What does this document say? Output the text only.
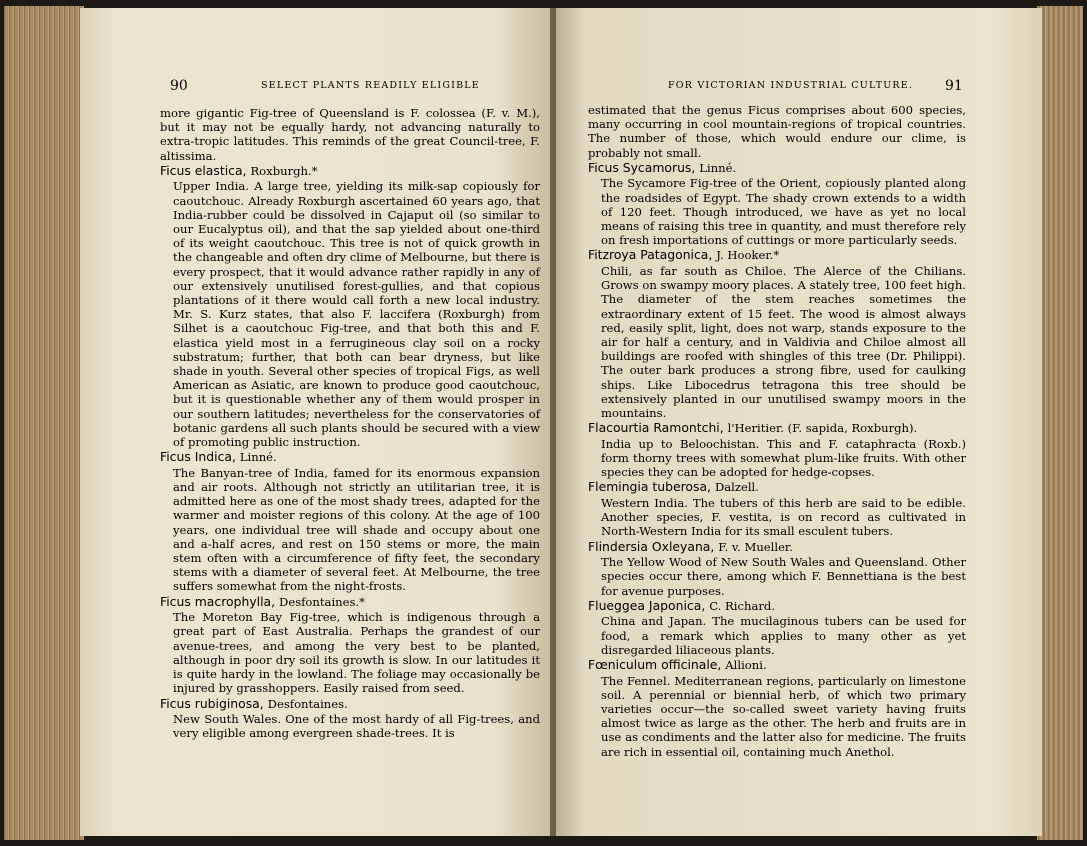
90	SELECT PLANTS READILY ELIGIBLE	FOR VICTORIAN INDUSTRIAL CULTURE. 91

more gigantic Fig-tree of Queensland is F. colossea (F. v. M.), but it may not be equally hardy, not advancing naturally to extra-tropic latitudes. This reminds of the great Council-tree, F. altissima.

Ficus elastica, Roxburgh.*

Upper India. A large tree, yielding its milk-sap copiously for caoutchouc. Already Roxburgh ascertained 60 years ago, that India-rubber could be dissolved in Cajaput oil (so similar to our Eucalyptus oil), and that the sap yielded about one-third of its weight caoutchouc. This tree is not of quick growth in the changeable and often dry clime of Melbourne, but there is every prospect, that it would advance rather rapidly in any of our extensively unutilised forest-gullies, and that copious plantations of it there would call forth a new local industry. Mr. S. Kurz states, that also F. laccifera (Roxburgh) from Silhet is a caoutchouc Fig-tree, and that both this and F. elastica yield most in a ferrugineous clay soil on a rocky substratum; further, that both can bear dryness, but like shade in youth. Several other species of tropical Figs, as well American as Asiatic, are known to produce good caoutchouc, but it is questionable whether any of them would prosper in our southern latitudes; nevertheless for the conservatories of botanic gardens all such plants should be secured with a view of promoting public instruction.

Ficus Indica, Linné.

The Banyan-tree of India, famed for its enormous expansion and air roots. Although not strictly an utilitarian tree, it is admitted here as one of the most shady trees, adapted for the warmer and moister regions of this colony. At the age of 100 years, one individual tree will shade and occupy about one and a-half acres, and rest on 150 stems or more, the main stem often with a circumference of fifty feet, the secondary stems with a diameter of several feet. At Melbourne, the tree suffers somewhat from the night-frosts.

Ficus macrophylla, Desfontaines.*

The Moreton Bay Fig-tree, which is indigenous through a great part of East Australia. Perhaps the grandest of our avenue-trees, and among the very best to be planted, although in poor dry soil its growth is slow. In our latitudes it is quite hardy in the lowland. The foliage may occasionally be injured by grasshoppers. Easily raised from seed.

Ficus rubiginosa, Desfontaines.

New South Wales. One of the most hardy of all Fig-trees, and very eligible among evergreen shade-trees. It is

estimated that the genus Ficus comprises about 600 species, many occurring in cool mountain-regions of tropical countries. The number of those, which would endure our clime, is probably not small.

Ficus Sycamorus, Linné.

The Sycamore Fig-tree of the Orient, copiously planted along the roadsides of Egypt. The shady crown extends to a width of 120 feet. Though introduced, we have as yet no local means of raising this tree in quantity, and must therefore rely on fresh importations of cuttings or more particularly seeds.

Fitzroya Patagonica, J. Hooker.*

Chili, as far south as Chiloe. The Alerce of the Chilians. Grows on swampy moory places. A stately tree, 100 feet high. The diameter of the stem reaches sometimes the extraordinary extent of 15 feet. The wood is almost always red, easily split, light, does not warp, stands exposure to the air for half a century, and in Valdivia and Chiloe almost all buildings are roofed with shingles of this tree (Dr. Philippi). The outer bark produces a strong fibre, used for caulking ships. Like Libocedrus tetragona this tree should be extensively planted in our unutilised swampy moors in the mountains.

Flacourtia Ramontchi, l'Heritier. (F. sapida, Roxburgh).

India up to Beloochistan. This and F. cataphracta (Roxb.) form thorny trees with somewhat plum-like fruits. With other species they can be adopted for hedge-copses.

Flemingia tuberosa, Dalzell.

Western India. The tubers of this herb are said to be edible. Another species, F. vestita, is on record as cultivated in North-Western India for its small esculent tubers.

Flindersia Oxleyana, F. v. Mueller.

The Yellow Wood of New South Wales and Queensland. Other species occur there, among which F. Bennettiana is the best for avenue purposes.

Flueggea Japonica, C. Richard.

China and Japan. The mucilaginous tubers can be used for food, a remark which applies to many other as yet disregarded liliaceous plants.

Fœniculum officinale, Allioni.

The Fennel. Mediterranean regions, particularly on limestone soil. A perennial or biennial herb, of which two primary varieties occur—the so-called sweet variety having fruits almost twice as large as the other. The herb and fruits are in use as condiments and the latter also for medicine. The fruits are rich in essential oil, containing much Anethol.
